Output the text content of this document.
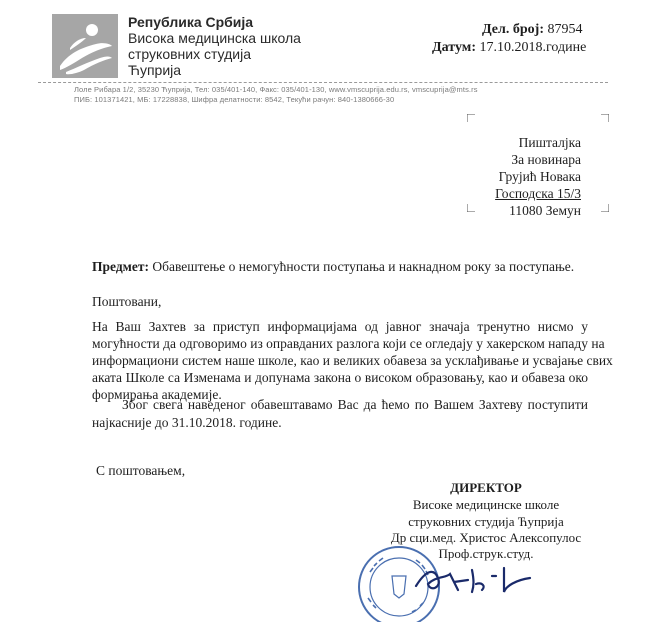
Република Србија
Висока медицинска школа
струковних студија
Ћуприја
Дел. број: 87954
Датум: 17.10.2018.године
Лоле Рибара 1/2, 35230 Ћуприја, Тел: 035/401-140, Факс: 035/401-130, www.vmscuprija.edu.rs, vmscuprija@mts.rs
ПИБ: 101371421, МБ: 17228838, Шифра делатности: 8542, Текући рачун: 840-1380666-30
Пишталјка
За новинара
Грујић Новака
Господска 15/3
11080 Земун
Предмет: Обавештење о немогућности поступања и накнадном року за поступање.
Поштовани,
На Ваш Захтев за приступ информацијама од јавног значаја тренутно нисмо у
могућности да одговоримо из оправданих разлога који се огледају у хакерском нападу на
информациони систем наше школе, као и великих обавеза за усклађивање и усвајање свих
аката Школе са Изменама и допунама закона о високом образовању, као и обавеза око
формирања академије.
Због свега наведеног обавештавамо Вас да ћемо по Вашем Захтеву поступити
најкасније до 31.10.2018. године.
С поштовањем,
ДИРЕКТОР
Високе медицинске школе
струковних студија Ћуприја
Др сци.мед. Христос Алексопулос
Проф.струк.студ.
